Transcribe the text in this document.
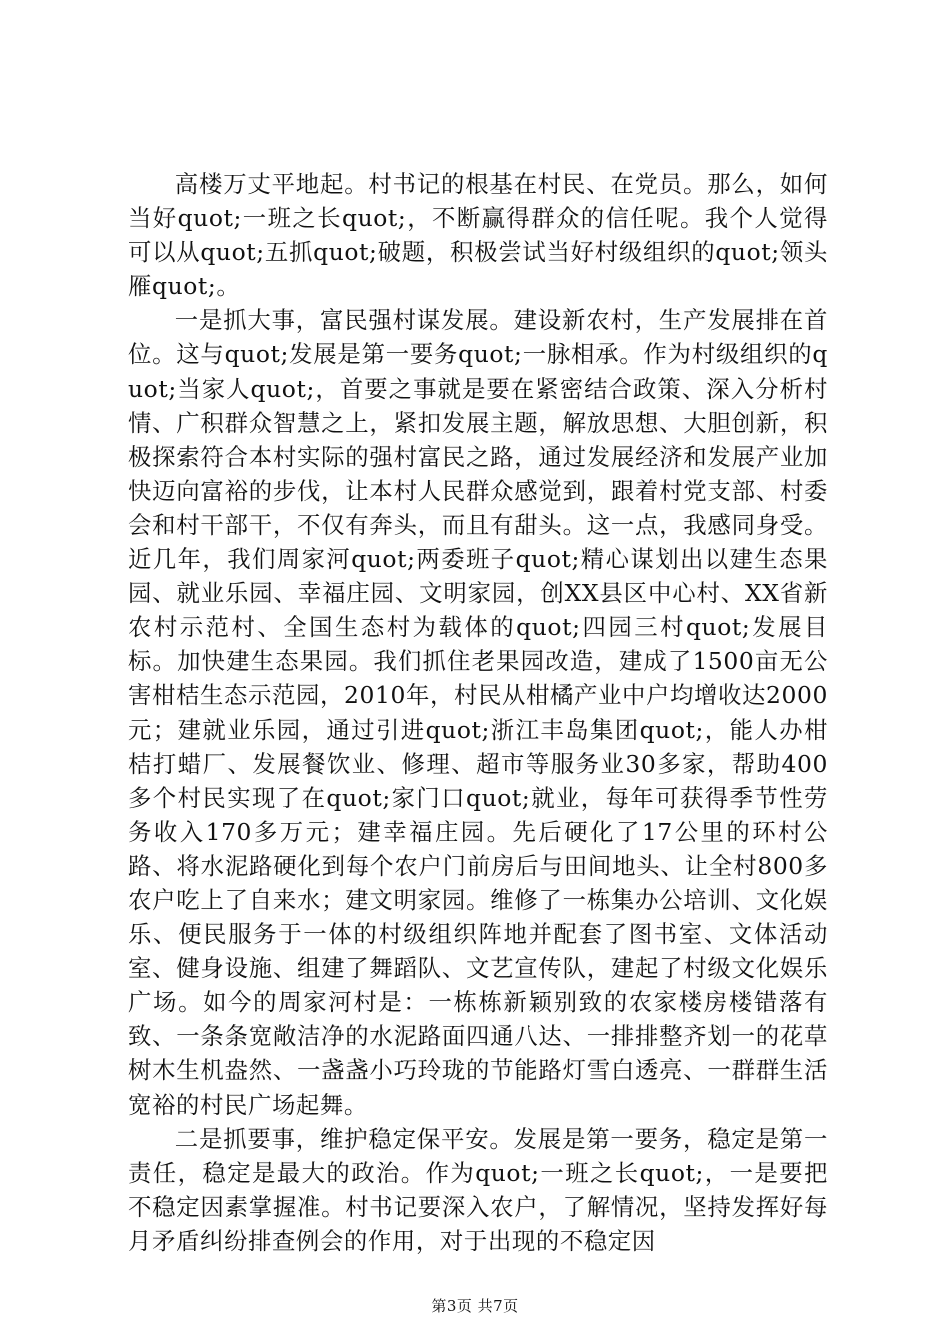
高楼万丈平地起。村书记的根基在村民、在党员。那么，如何当好quot;一班之长quot;，不断赢得群众的信任呢。我个人觉得可以从quot;五抓quot;破题，积极尝试当好村级组织的quot;领头雁quot;。

一是抓大事，富民强村谋发展。建设新农村，生产发展排在首位。这与quot;发展是第一要务quot;一脉相承。作为村级组织的quot;当家人quot;，首要之事就是要在紧密结合政策、深入分析村情、广积群众智慧之上，紧扣发展主题，解放思想、大胆创新，积极探索符合本村实际的强村富民之路，通过发展经济和发展产业加快迈向富裕的步伐，让本村人民群众感觉到，跟着村党支部、村委会和村干部干，不仅有奔头，而且有甜头。这一点，我感同身受。近几年，我们周家河quot;两委班子quot;精心谋划出以建生态果园、就业乐园、幸福庄园、文明家园，创XX县区中心村、XX省新农村示范村、全国生态村为载体的quot;四园三村quot;发展目标。加快建生态果园。我们抓住老果园改造，建成了1500亩无公害柑桔生态示范园，2010年，村民从柑橘产业中户均增收达2000元；建就业乐园，通过引进quot;浙江丰岛集团quot;，能人办柑桔打蜡厂、发展餐饮业、修理、超市等服务业30多家，帮助400多个村民实现了在quot;家门口quot;就业，每年可获得季节性劳务收入170多万元；建幸福庄园。先后硬化了17公里的环村公路、将水泥路硬化到每个农户门前房后与田间地头、让全村800多农户吃上了自来水；建文明家园。维修了一栋集办公培训、文化娱乐、便民服务于一体的村级组织阵地并配套了图书室、文体活动室、健身设施、组建了舞蹈队、文艺宣传队，建起了村级文化娱乐广场。如今的周家河村是：一栋栋新颖别致的农家楼房楼错落有致、一条条宽敞洁净的水泥路面四通八达、一排排整齐划一的花草树木生机盎然、一盏盏小巧玲珑的节能路灯雪白透亮、一群群生活宽裕的村民广场起舞。

二是抓要事，维护稳定保平安。发展是第一要务，稳定是第一责任，稳定是最大的政治。作为quot;一班之长quot;，一是要把不稳定因素掌握准。村书记要深入农户，了解情况，坚持发挥好每月矛盾纠纷排查例会的作用，对于出现的不稳定因

第3页 共7页
